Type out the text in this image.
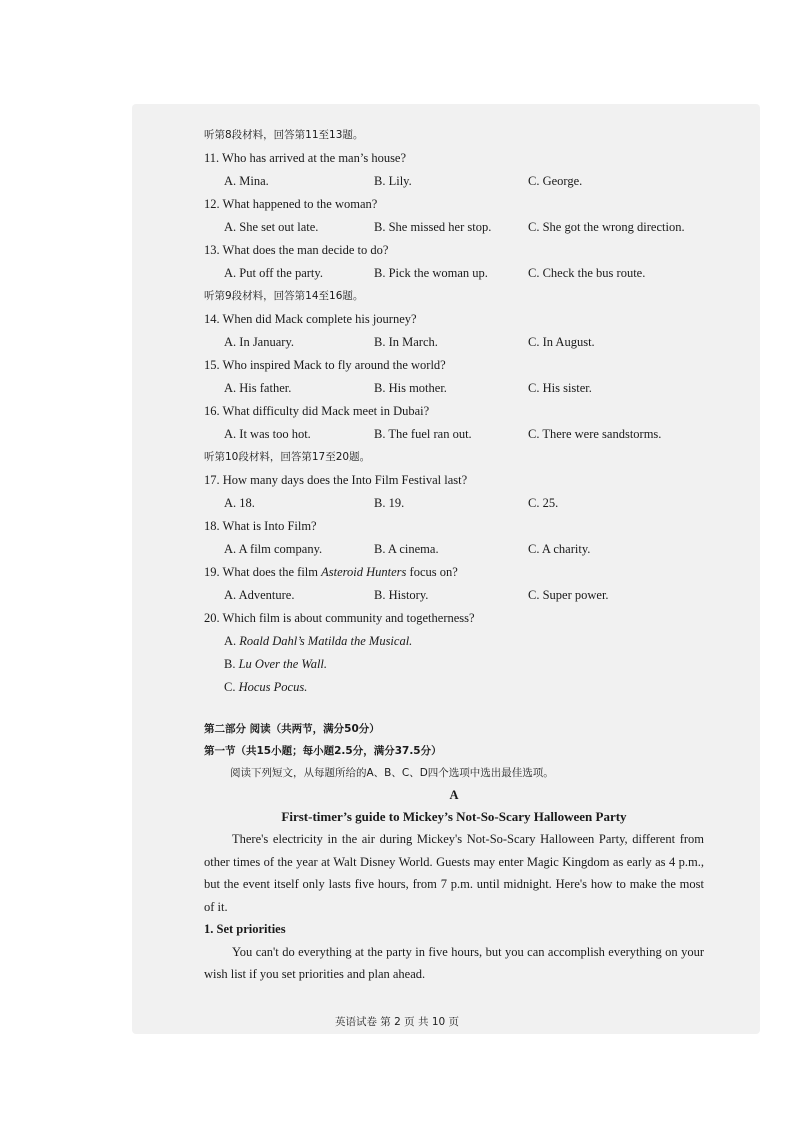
听第8段材料，回答第11至13题。
11. Who has arrived at the man’s house?
A. Mina.	B. Lily.	C. George.
12. What happened to the woman?
A. She set out late.	B. She missed her stop.	C. She got the wrong direction.
13. What does the man decide to do?
A. Put off the party.	B. Pick the woman up.	C. Check the bus route.
听第9段材料，回答第14至16题。
14. When did Mack complete his journey?
A. In January.	B. In March.	C. In August.
15. Who inspired Mack to fly around the world?
A. His father.	B. His mother.	C. His sister.
16. What difficulty did Mack meet in Dubai?
A. It was too hot.	B. The fuel ran out.	C. There were sandstorms.
听第10段材料，回答第17至20题。
17. How many days does the Into Film Festival last?
A. 18.	B. 19.	C. 25.
18. What is Into Film?
A. A film company.	B. A cinema.	C. A charity.
19. What does the film Asteroid Hunters focus on?
A. Adventure.	B. History.	C. Super power.
20. Which film is about community and togetherness?
A. Roald Dahl’s Matilda the Musical.
B. Lu Over the Wall.
C. Hocus Pocus.
第二部分 阅读（共两节，满分50分）
第一节（共15小题；每小题2.5分，满分37.5分）
阅读下列短文，从每题所给的A、B、C、D四个选项中选出最佳选项。
A
First-timer’s guide to Mickey’s Not-So-Scary Halloween Party
There's electricity in the air during Mickey's Not-So-Scary Halloween Party, different from other times of the year at Walt Disney World. Guests may enter Magic Kingdom as early as 4 p.m., but the event itself only lasts five hours, from 7 p.m. until midnight. Here's how to make the most of it.
1. Set priorities
You can't do everything at the party in five hours, but you can accomplish everything on your wish list if you set priorities and plan ahead.
英语试卷 第 2 页 共 10 页
